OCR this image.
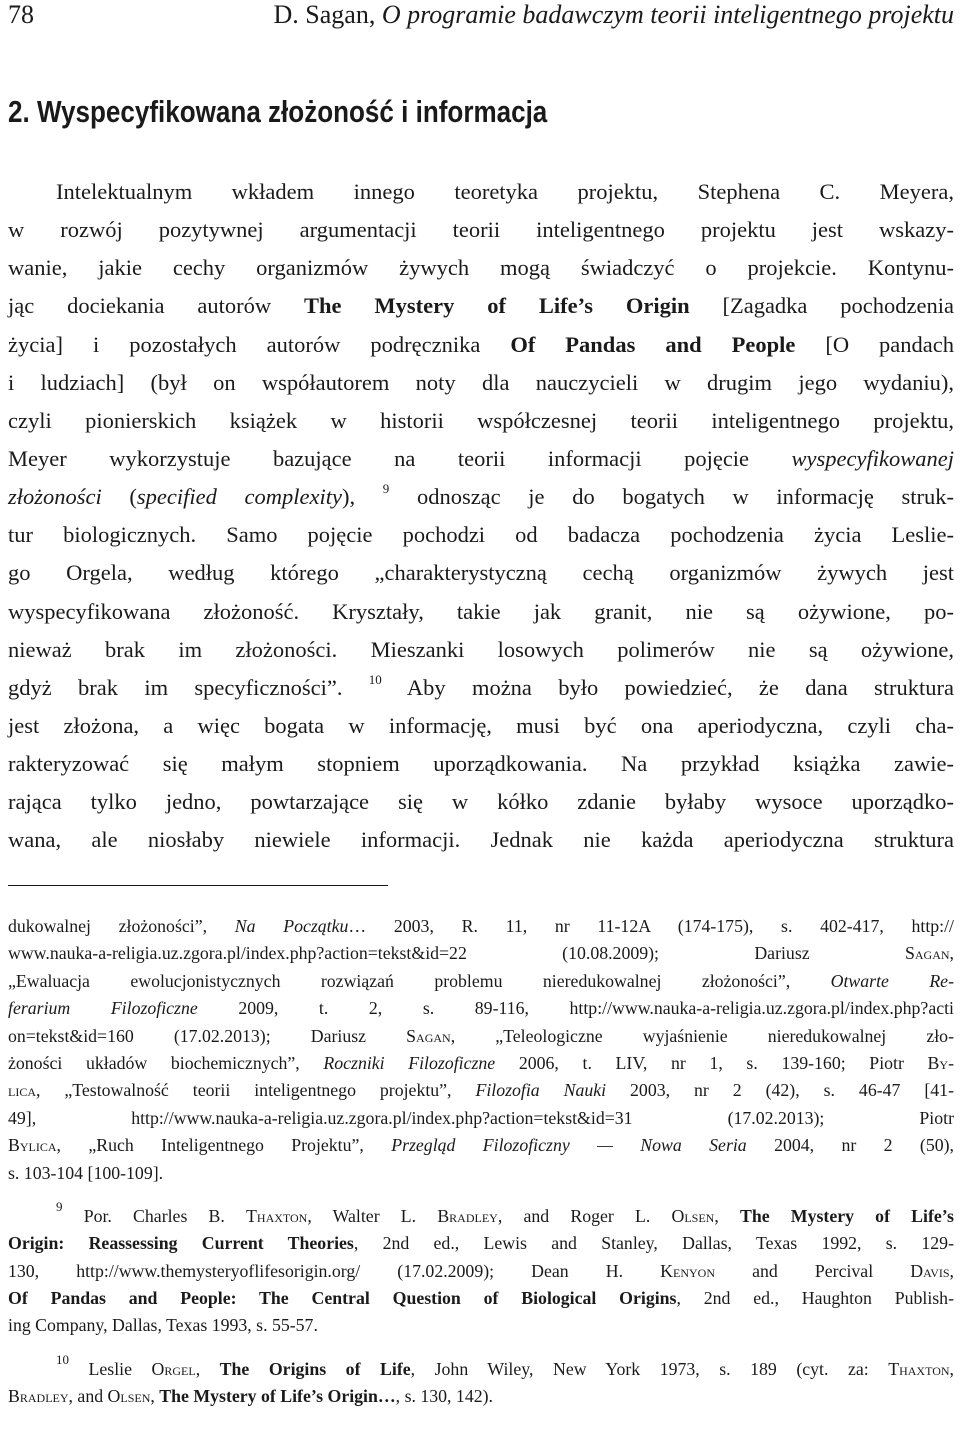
78	D. Sagan, O programie badawczym teorii inteligentnego projektu
2. Wyspecyfikowana złożoność i informacja
Intelektualnym wkładem innego teoretyka projektu, Stephena C. Meyera,
w rozwój pozytywnej argumentacji teorii inteligentnego projektu jest wskazy-
wanie, jakie cechy organizmów żywych mogą świadczyć o projekcie. Kontynu-
jąc dociekania autorów The Mystery of Life’s Origin [Zagadka pochodzenia
życia] i pozostałych autorów podręcznika Of Pandas and People [O pandach
i ludziach] (był on współautorem noty dla nauczycieli w drugim jego wydaniu),
czyli pionierskich książek w historii współczesnej teorii inteligentnego projektu,
Meyer wykorzystuje bazujące na teorii informacji pojęcie wyspecyfikowanej
złożoności (specified complexity), $^9$ odnosząc je do bogatych w informację struk-
tur biologicznych. Samo pojęcie pochodzi od badacza pochodzenia życia Leslie-
go Orgela, według którego „charakterystyczną cechą organizmów żywych jest
wyspecyfikowana złożoność. Kryształy, takie jak granit, nie są ożywione, po-
nieważ brak im złożoności. Mieszanki losowych polimerów nie są ożywione,
gdyż brak im specyficzności”. $^{10}$ Aby można było powiedzieć, że dana struktura
jest złożona, a więc bogata w informację, musi być ona aperiodyczna, czyli cha-
rakteryzować się małym stopniem uporządkowania. Na przykład książka zawie-
rająca tylko jedno, powtarzające się w kółko zdanie byłaby wysoce uporządko-
wana, ale niosłaby niewiele informacji. Jednak nie każda aperiodyczna struktura
dukowalnej złożoności”, Na Początku… 2003, R. 11, nr 11-12A (174-175), s. 402-417, http://
www.nauka-a-religia.uz.zgora.pl/index.php?action=tekst&id=22 (10.08.2009); Dariusz Sagan,
„Ewaluacja ewolucjonistycznych rozwiązań problemu nieredukowalnej złożoności”, Otwarte Re-
ferarium Filozoficzne 2009, t. 2, s. 89-116, http://www.nauka-a-religia.uz.zgora.pl/index.php?acti
on=tekst&id=160 (17.02.2013); Dariusz Sagan, „Teleologiczne wyjaśnienie nieredukowalnej zło-
żoności układów biochemicznych”, Roczniki Filozoficzne 2006, t. LIV, nr 1, s. 139-160; Piotr By-
lica, „Testowalność teorii inteligentnego projektu”, Filozofia Nauki 2003, nr 2 (42), s. 46-47 [41-
49], http://www.nauka-a-religia.uz.zgora.pl/index.php?action=tekst&id=31 (17.02.2013); Piotr
Bylica, „Ruch Inteligentnego Projektu”, Przegląd Filozoficzny — Nowa Seria 2004, nr 2 (50),
s. 103-104 [100-109].
$^9$ Por. Charles B. Thaxton, Walter L. Bradley, and Roger L. Olsen, The Mystery of Life’s
Origin: Reassessing Current Theories, 2nd ed., Lewis and Stanley, Dallas, Texas 1992, s. 129-
130, http://www.themysteryoflifesorigin.org/ (17.02.2009); Dean H. Kenyon and Percival Davis,
Of Pandas and People: The Central Question of Biological Origins, 2nd ed., Haughton Publish-
ing Company, Dallas, Texas 1993, s. 55-57.
$^{10}$ Leslie Orgel, The Origins of Life, John Wiley, New York 1973, s. 189 (cyt. za: Thaxton,
Bradley, and Olsen, The Mystery of Life’s Origin…, s. 130, 142).
